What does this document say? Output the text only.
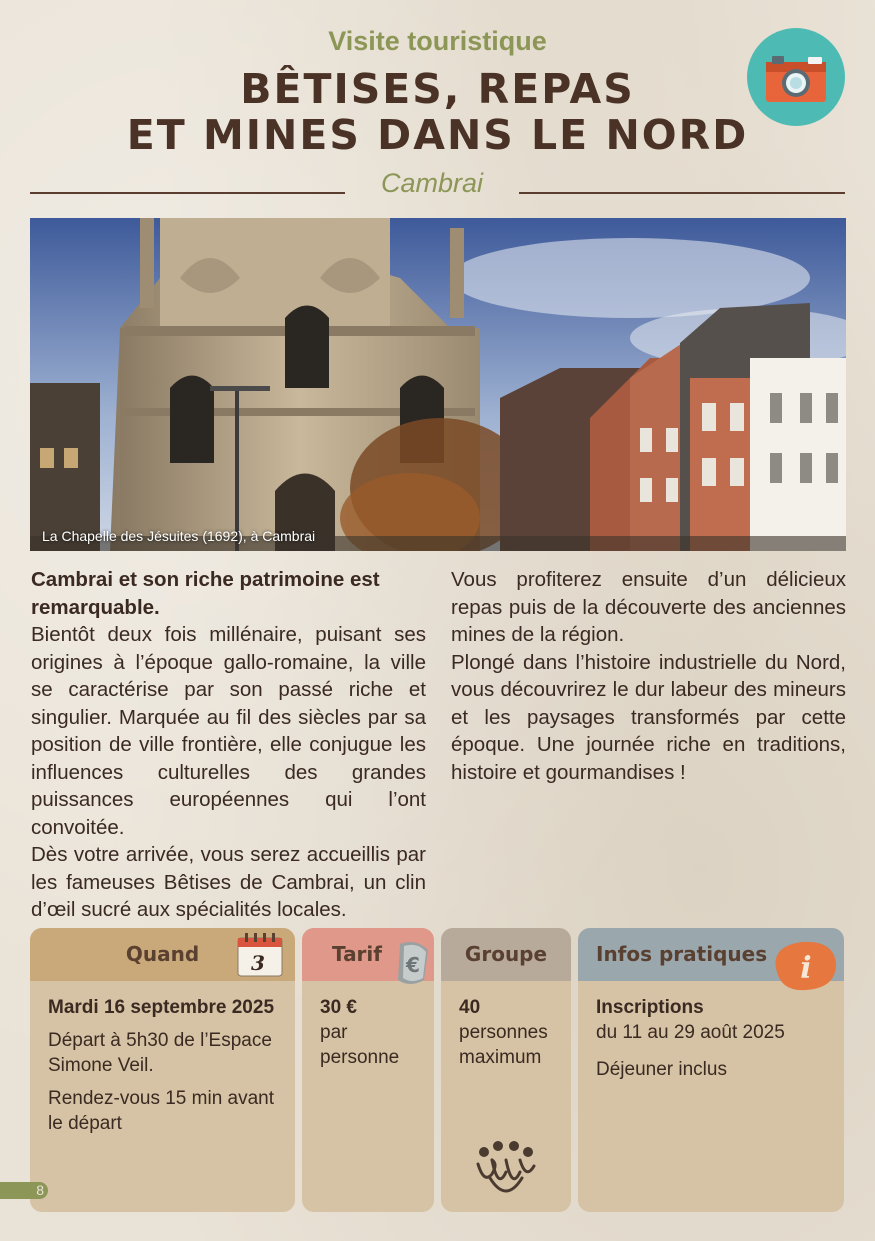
Visite touristique
BÊTISES, REPAS
ET MINES DANS LE NORD
Cambrai
La Chapelle des Jésuites (1692), à Cambrai

Cambrai et son riche patrimoine est remarquable.

Bientôt deux fois millénaire, puisant ses origines à l’époque gallo-romaine, la ville se caractérise par son passé riche et singulier. Marquée au fil des siècles par sa position de ville frontière, elle conjugue les influences culturelles des grandes puissances européennes qui l’ont convoitée.

Dès votre arrivée, vous serez accueillis par les fameuses Bêtises de Cambrai, un clin d’œil sucré aux spécialités locales.

Vous profiterez ensuite d’un délicieux repas puis de la découverte des anciennes mines de la région.

Plongé dans l’histoire industrielle du Nord, vous découvrirez le dur labeur des mineurs et les paysages transformés par cette époque. Une journée riche en traditions, histoire et gourmandises !

Quand
Mardi 16 septembre 2025
Départ à 5h30 de l’Espace Simone Veil.
Rendez-vous 15 min avant le départ
3	Tarif
30 €
par personne
€	Groupe
40
personnes maximum
Infos pratiques
Inscriptions
du 11 au 29 août 2025
Déjeuner inclus
i
8
